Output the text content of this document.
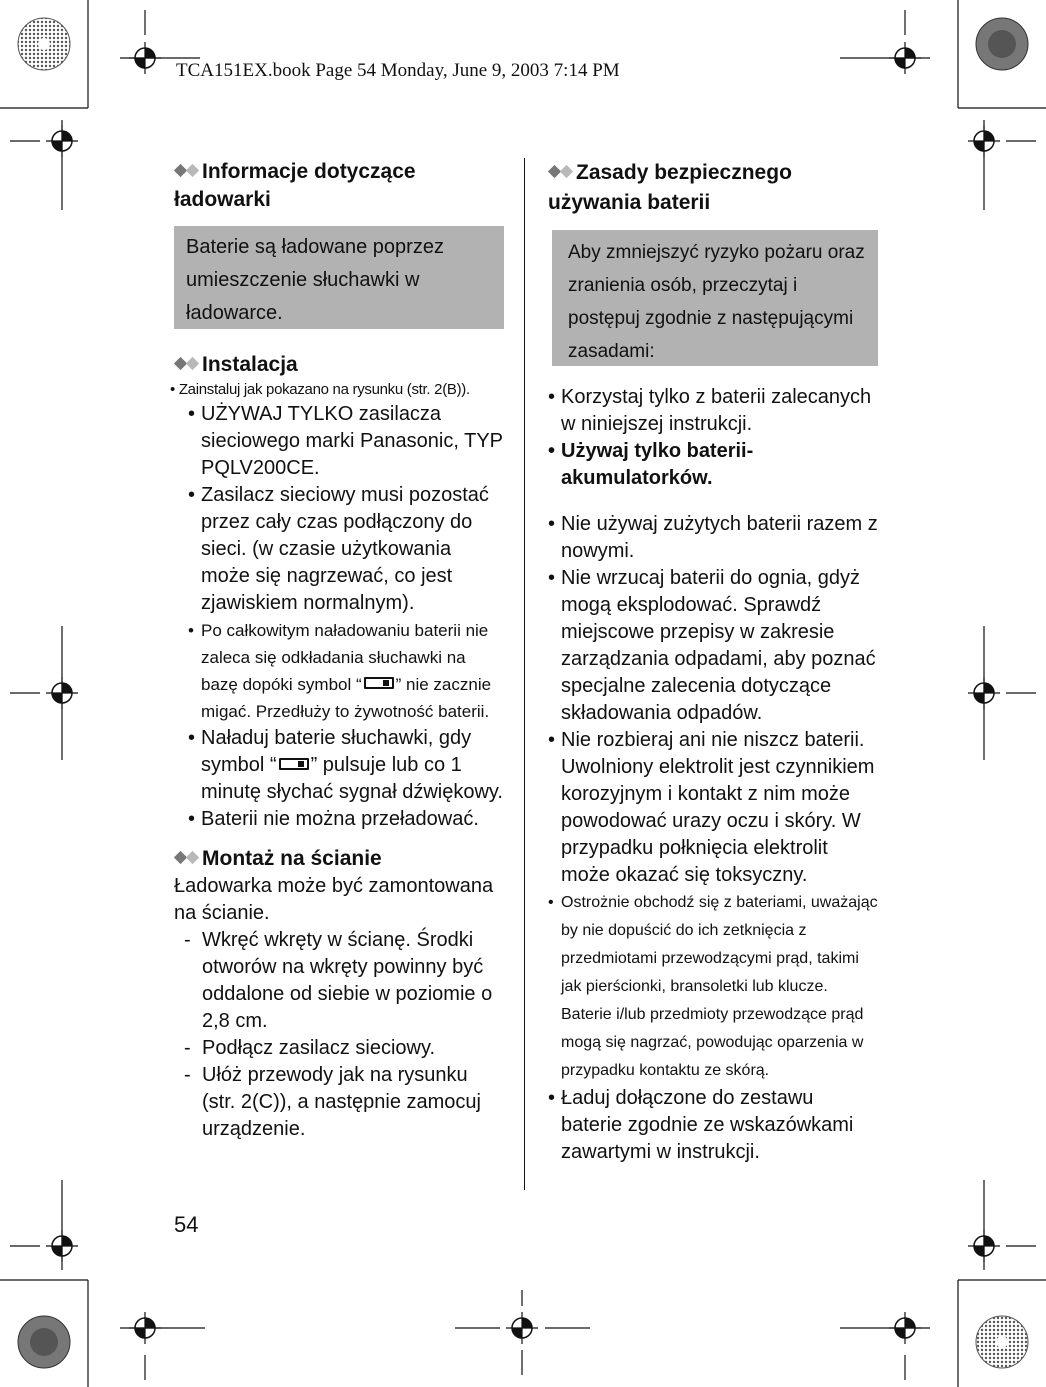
TCA151EX.book Page 54 Monday, June 9, 2003 7:14 PM
Informacje dotyczące ładowarki
Baterie są ładowane poprzez umieszczenie słuchawki w ładowarce.
Instalacja
• Zainstaluj jak pokazano na rysunku (str. 2(B)).
• UŻYWAJ TYLKO zasilacza sieciowego marki Panasonic, TYP PQLV200CE.
• Zasilacz sieciowy musi pozostać przez cały czas podłączony do sieci. (w czasie użytkowania może się nagrzewać, co jest zjawiskiem normalnym).
• Po całkowitym naładowaniu baterii nie zaleca się odkładania słuchawki na bazę dopóki symbol “ ” nie zacznie migać. Przedłuży to żywotność baterii.
• Naładuj baterie słuchawki, gdy symbol “ ” pulsuje lub co 1 minutę słychać sygnał dźwiękowy.
• Baterii nie można przeładować.
Montaż na ścianie
Ładowarka może być zamontowana na ścianie.
- Wkręć wkręty w ścianę. Środki otworów na wkręty powinny być oddalone od siebie w poziomie o 2,8 cm.
- Podłącz zasilacz sieciowy.
- Ułóż przewody jak na rysunku (str. 2(C)), a następnie zamocuj urządzenie.
Zasady bezpiecznego używania baterii
Aby zmniejszyć ryzyko pożaru oraz zranienia osób, przeczytaj i postępuj zgodnie z następującymi zasadami:
• Korzystaj tylko z baterii zalecanych w niniejszej instrukcji.
• Używaj tylko baterii-akumulatorków.
• Nie używaj zużytych baterii razem z nowymi.
• Nie wrzucaj baterii do ognia, gdyż mogą eksplodować. Sprawdź miejscowe przepisy w zakresie zarządzania odpadami, aby poznać specjalne zalecenia dotyczące składowania odpadów.
• Nie rozbieraj ani nie niszcz baterii. Uwolniony elektrolit jest czynnikiem korozyjnym i kontakt z nim może powodować urazy oczu i skóry. W przypadku połknięcia elektrolit może okazać się toksyczny.
• Ostrożnie obchodź się z bateriami, uważając by nie dopuścić do ich zetknięcia z przedmiotami przewodzącymi prąd, takimi jak pierścionki, bransoletki lub klucze. Baterie i/lub przedmioty przewodzące prąd mogą się nagrzać, powodując oparzenia w przypadku kontaktu ze skórą.
• Ładuj dołączone do zestawu baterie zgodnie ze wskazówkami zawartymi w instrukcji.
54
